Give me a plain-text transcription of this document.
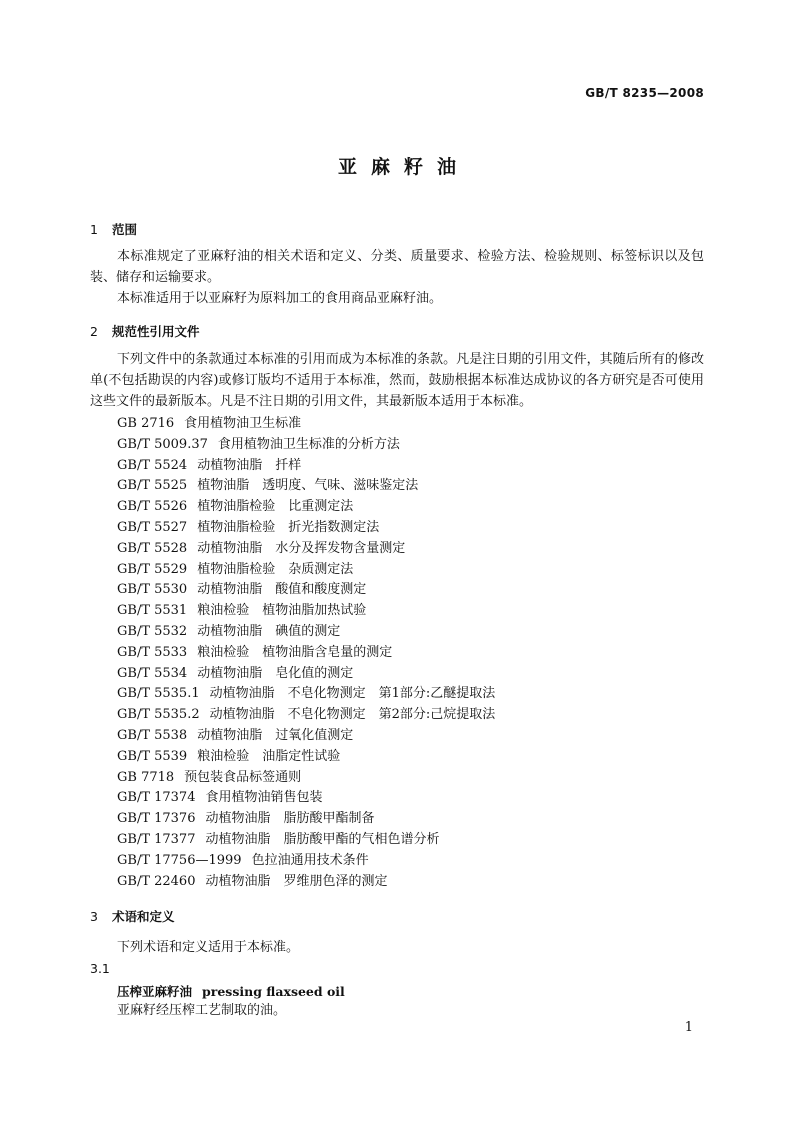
GB/T 8235—2008
亚麻籽油
1 范围
本标准规定了亚麻籽油的相关术语和定义、分类、质量要求、检验方法、检验规则、标签标识以及包装、储存和运输要求。
本标准适用于以亚麻籽为原料加工的食用商品亚麻籽油。
2 规范性引用文件
下列文件中的条款通过本标准的引用而成为本标准的条款。凡是注日期的引用文件，其随后所有的修改单(不包括勘误的内容)或修订版均不适用于本标准，然而，鼓励根据本标准达成协议的各方研究是否可使用这些文件的最新版本。凡是不注日期的引用文件，其最新版本适用于本标准。
GB 2716 食用植物油卫生标准
GB/T 5009.37 食用植物油卫生标准的分析方法
GB/T 5524 动植物油脂　扦样
GB/T 5525 植物油脂　透明度、气味、滋味鉴定法
GB/T 5526 植物油脂检验　比重测定法
GB/T 5527 植物油脂检验　折光指数测定法
GB/T 5528 动植物油脂　水分及挥发物含量测定
GB/T 5529 植物油脂检验　杂质测定法
GB/T 5530 动植物油脂　酸值和酸度测定
GB/T 5531 粮油检验　植物油脂加热试验
GB/T 5532 动植物油脂　碘值的测定
GB/T 5533 粮油检验　植物油脂含皂量的测定
GB/T 5534 动植物油脂　皂化值的测定
GB/T 5535.1 动植物油脂　不皂化物测定　第1部分:乙醚提取法
GB/T 5535.2 动植物油脂　不皂化物测定　第2部分:己烷提取法
GB/T 5538 动植物油脂　过氧化值测定
GB/T 5539 粮油检验　油脂定性试验
GB 7718 预包装食品标签通则
GB/T 17374 食用植物油销售包装
GB/T 17376 动植物油脂　脂肪酸甲酯制备
GB/T 17377 动植物油脂　脂肪酸甲酯的气相色谱分析
GB/T 17756—1999 色拉油通用技术条件
GB/T 22460 动植物油脂　罗维朋色泽的测定
3 术语和定义
下列术语和定义适用于本标准。
3.1
压榨亚麻籽油 pressing flaxseed oil
亚麻籽经压榨工艺制取的油。
1
